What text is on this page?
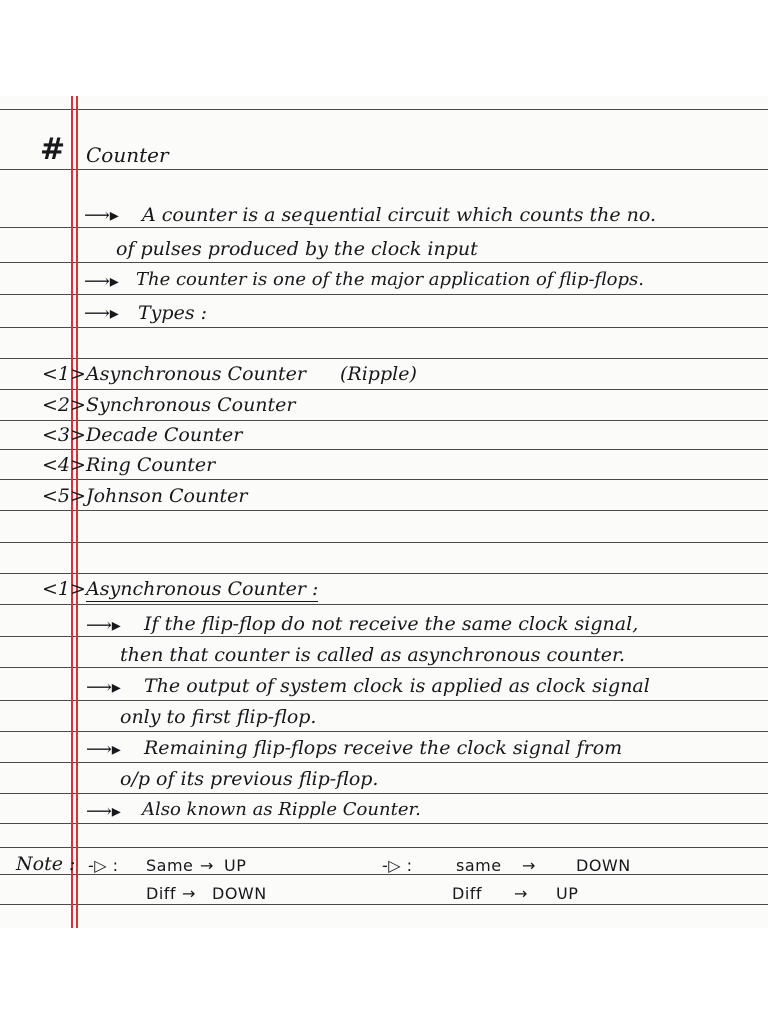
# Counter
⟶▸ A counter is a sequential circuit which counts the no.
of pulses produced by the clock input
⟶▸ The counter is one of the major application of flip-flops.
⟶▸ Types :
<1> Asynchronous Counter (Ripple)
<2> Synchronous Counter
<3> Decade Counter
<4> Ring Counter
<5> Johnson Counter
<1> Asynchronous Counter :
⟶▸ If the flip-flop do not receive the same clock signal,
then that counter is called as asynchronous counter.
⟶▸ The output of system clock is applied as clock signal
only to first flip-flop.
⟶▸ Remaining flip-flops receive the clock signal from
o/p of its previous flip-flop.
⟶▸ Also known as Ripple Counter.
Note : -▷ : Same → UP
Diff → DOWN
-▷ :	same →	DOWN
Diff → UP
